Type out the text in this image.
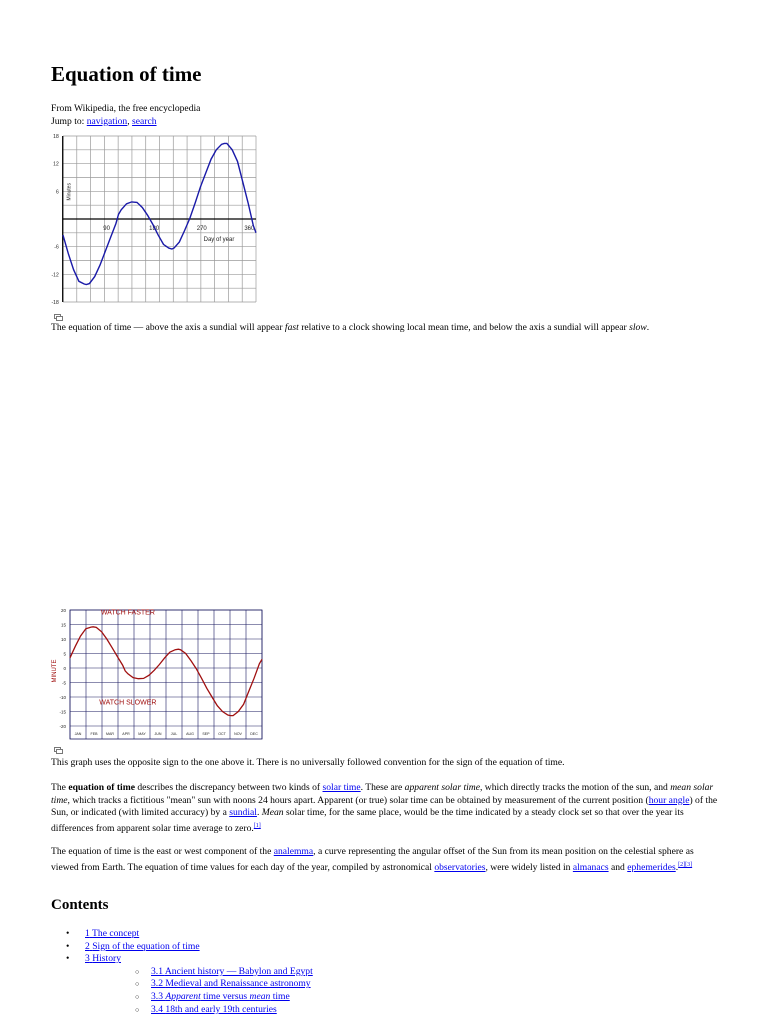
Equation of time
From Wikipedia, the free encyclopedia
Jump to: navigation, search
90	180	270	360
18
12
6
-6
-12
-18
Day of year
Minutes
The equation of time — above the axis a sundial will appear fast relative to a clock showing local mean time, and below the axis a sundial will appear slow.
20
15
10
5
0
-5
-10
-15
-20
MINUTE
JAN	FEB MAR APR MAY JUN	JUL AUG SEP OCT NOV DEC
WATCH FASTER
WATCH SLOWER
This graph uses the opposite sign to the one above it. There is no universally followed convention for the sign of the equation of time.
The equation of time describes the discrepancy between two kinds of solar time. These are apparent solar time, which directly tracks the motion of the sun, and mean solar time, which tracks a fictitious "mean" sun with noons 24 hours apart. Apparent (or true) solar time can be obtained by measurement of the current position (hour angle) of the Sun, or indicated (with limited accuracy) by a sundial. Mean solar time, for the same place, would be the time indicated by a steady clock set so that over the year its differences from apparent solar time average to zero.[1]
The equation of time is the east or west component of the analemma, a curve representing the angular offset of the Sun from its mean position on the celestial sphere as viewed from Earth. The equation of time values for each day of the year, compiled by astronomical observatories, were widely listed in almanacs and ephemerides.[2][3]
Contents
• 1 The concept
• 2 Sign of the equation of time
• 3 History
○ 3.1 Ancient history — Babylon and Egypt
○ 3.2 Medieval and Renaissance astronomy
○ 3.3 Apparent time versus mean time
○ 3.4 18th and early 19th centuries
